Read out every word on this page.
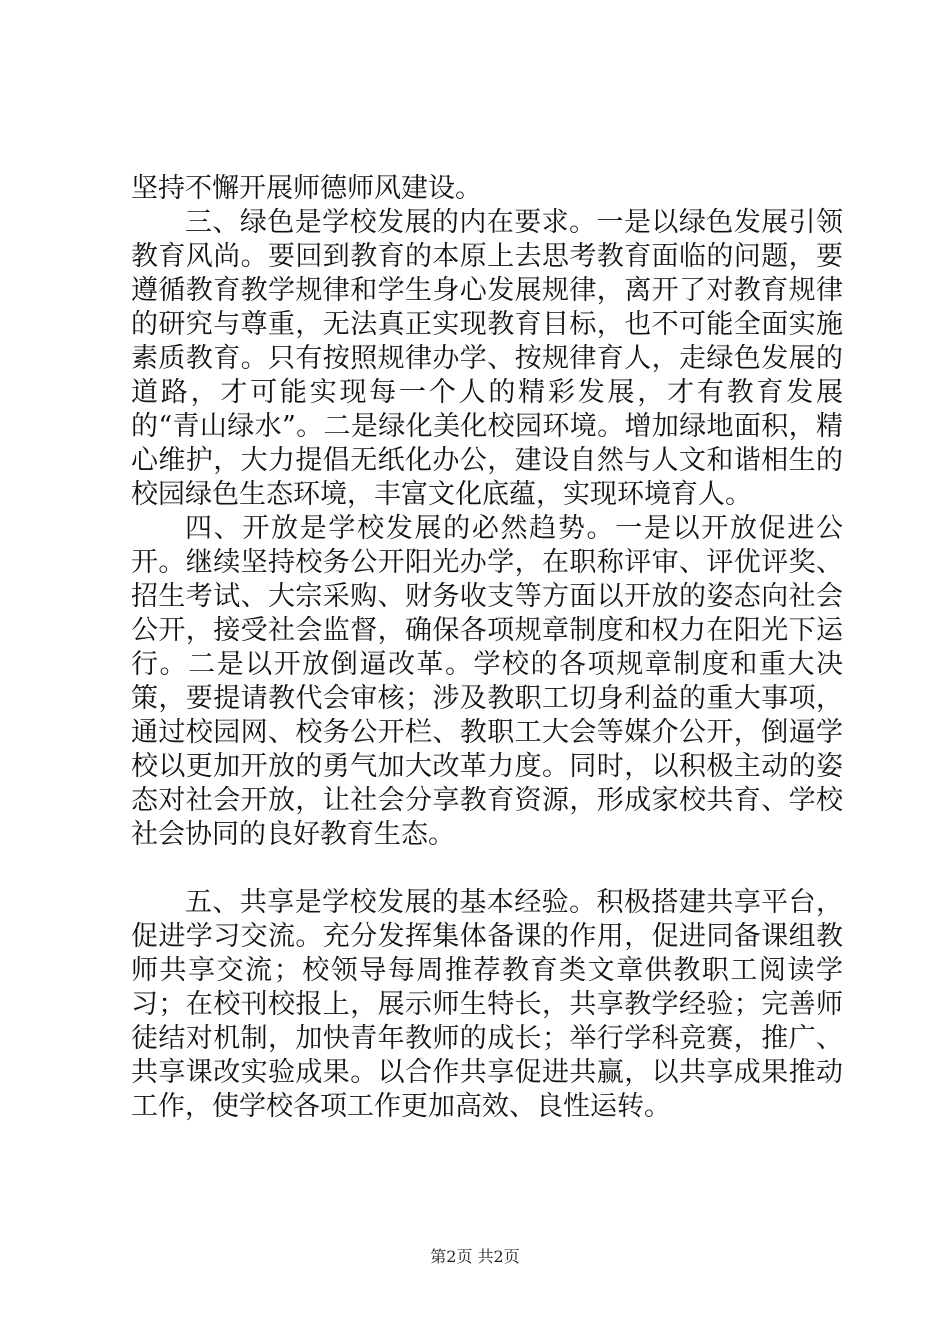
坚持不懈开展师德师风建设。

三、绿色是学校发展的内在要求。一是以绿色发展引领教育风尚。要回到教育的本原上去思考教育面临的问题，要遵循教育教学规律和学生身心发展规律，离开了对教育规律的研究与尊重，无法真正实现教育目标，也不可能全面实施素质教育。只有按照规律办学、按规律育人，走绿色发展的道路，才可能实现每一个人的精彩发展，才有教育发展的“青山绿水”。二是绿化美化校园环境。增加绿地面积，精心维护，大力提倡无纸化办公，建设自然与人文和谐相生的校园绿色生态环境，丰富文化底蕴，实现环境育人。

四、开放是学校发展的必然趋势。一是以开放促进公开。继续坚持校务公开阳光办学，在职称评审、评优评奖、招生考试、大宗采购、财务收支等方面以开放的姿态向社会公开，接受社会监督，确保各项规章制度和权力在阳光下运行。二是以开放倒逼改革。学校的各项规章制度和重大决策，要提请教代会审核；涉及教职工切身利益的重大事项，通过校园网、校务公开栏、教职工大会等媒介公开，倒逼学校以更加开放的勇气加大改革力度。同时，以积极主动的姿态对社会开放，让社会分享教育资源，形成家校共育、学校社会协同的良好教育生态。

五、共享是学校发展的基本经验。积极搭建共享平台，促进学习交流。充分发挥集体备课的作用，促进同备课组教师共享交流；校领导每周推荐教育类文章供教职工阅读学习；在校刊校报上，展示师生特长，共享教学经验；完善师徒结对机制，加快青年教师的成长；举行学科竞赛，推广、共享课改实验成果。以合作共享促进共赢，以共享成果推动工作，使学校各项工作更加高效、良性运转。

第2页 共2页
